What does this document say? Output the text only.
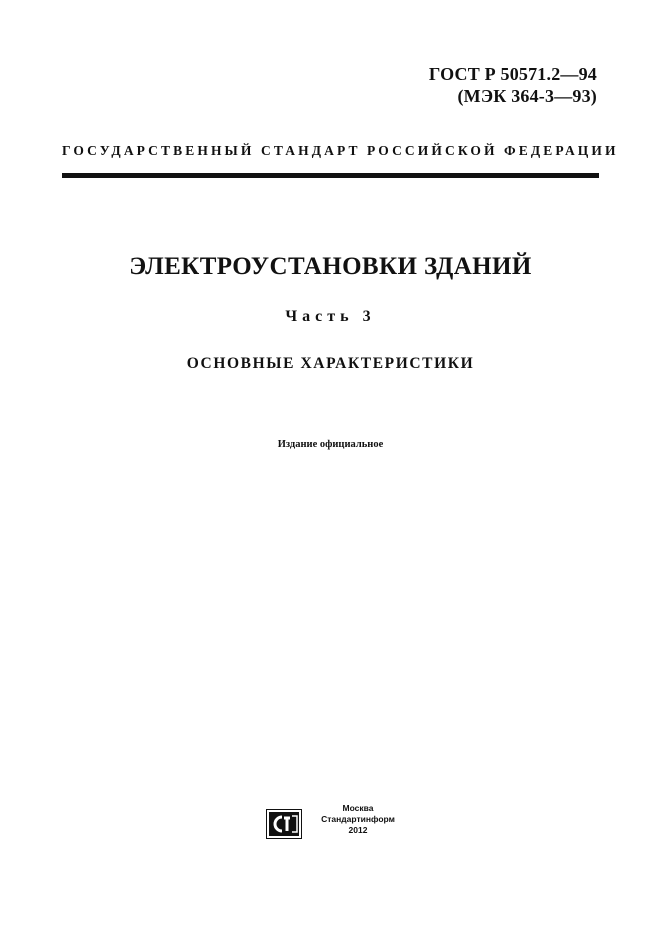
ГОСТ Р 50571.2—94
(МЭК 364-3—93)
ГОСУДАРСТВЕННЫЙ СТАНДАРТ РОССИЙСКОЙ ФЕДЕРАЦИИ
ЭЛЕКТРОУСТАНОВКИ ЗДАНИЙ
Часть 3
ОСНОВНЫЕ ХАРАКТЕРИСТИКИ
Издание официальное
Москва
Стандартинформ
2012
